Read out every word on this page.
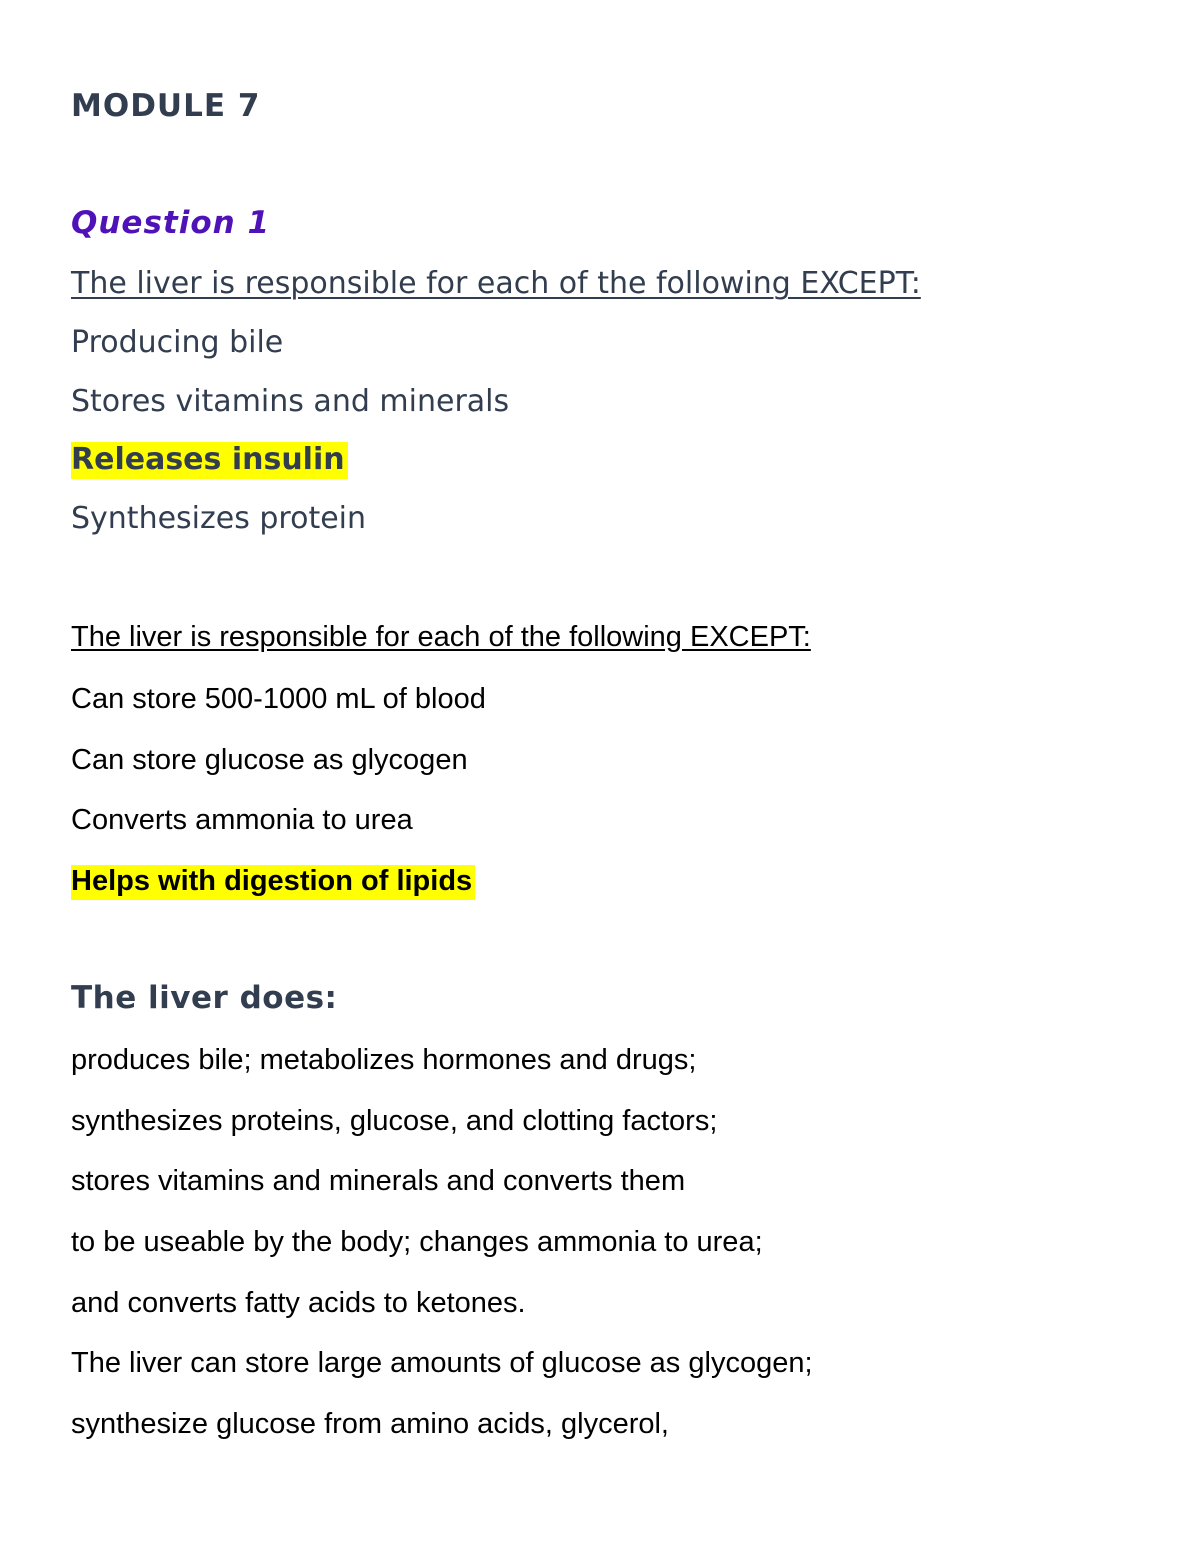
MODULE 7
Question 1
The liver is responsible for each of the following EXCEPT:
Producing bile
Stores vitamins and minerals
Releases insulin
Synthesizes protein
The liver is responsible for each of the following EXCEPT:
Can store 500-1000 mL of blood
Can store glucose as glycogen
Converts ammonia to urea
Helps with digestion of lipids
The liver does:
produces bile; metabolizes hormones and drugs;
synthesizes proteins, glucose, and clotting factors;
stores vitamins and minerals and converts them
to be useable by the body; changes ammonia to urea;
and converts fatty acids to ketones.
The liver can store large amounts of glucose as glycogen;
synthesize glucose from amino acids, glycerol,
